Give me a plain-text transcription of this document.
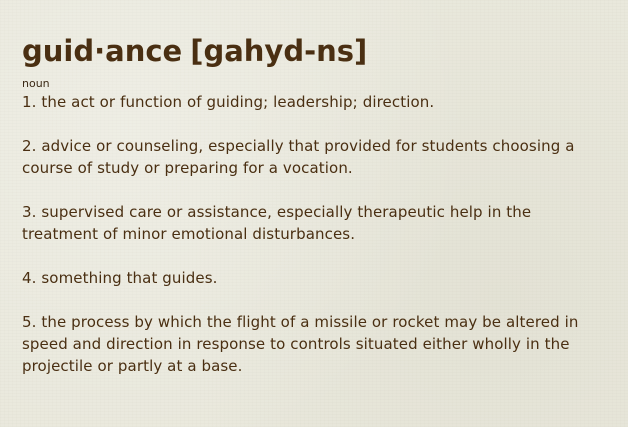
guid·ance [gahyd-ns]
noun

1. the act or function of guiding; leadership; direction.

2. advice or counseling, especially that provided for students choosing a course of study or preparing for a vocation.

3. supervised care or assistance, especially therapeutic help in the treatment of minor emotional disturbances.

4. something that guides.

5. the process by which the flight of a missile or rocket may be altered in speed and direction in response to controls situated either wholly in the projectile or partly at a base.
